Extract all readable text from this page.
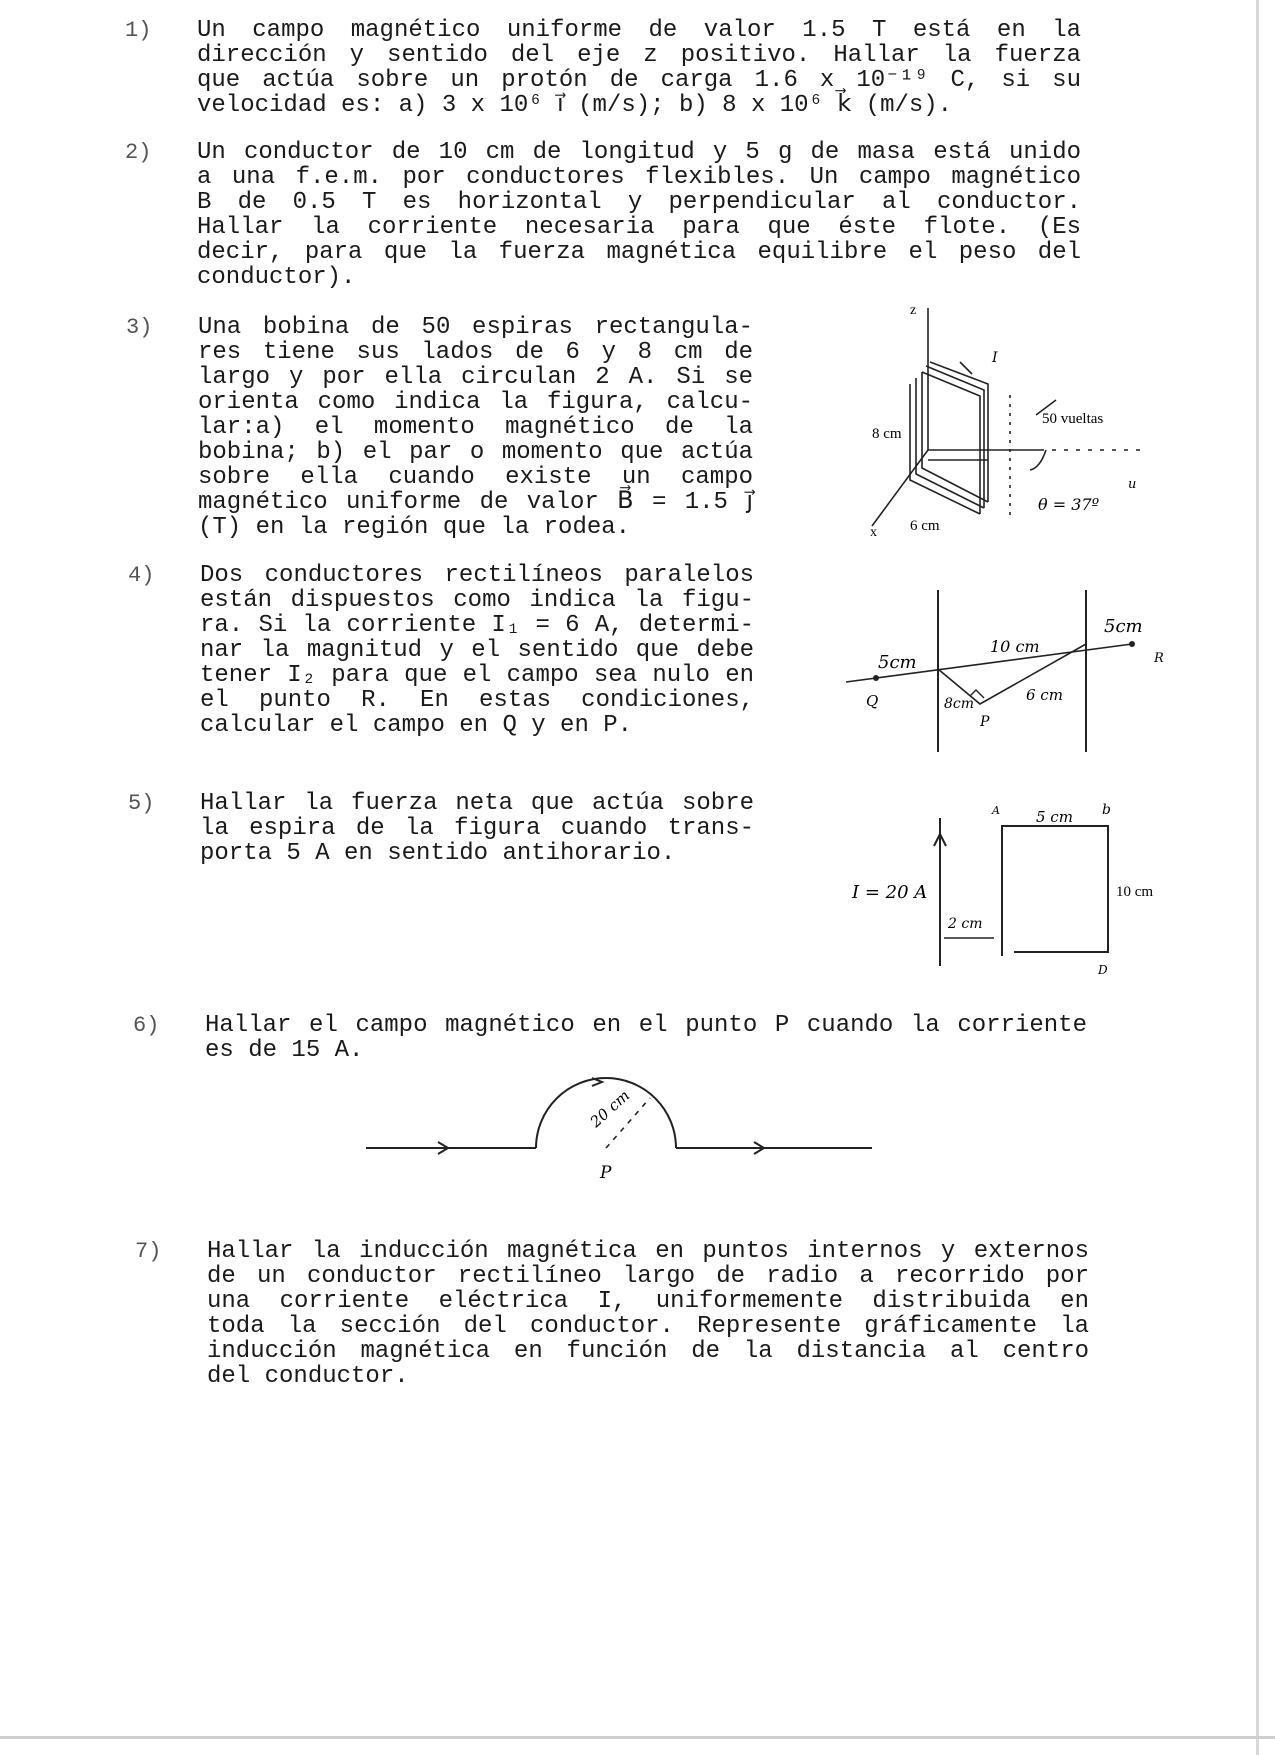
1) Un campo magnético uniforme de valor 1.5 T está en la
dirección y sentido del eje z positivo. Hallar la fuerza
que actúa sobre un protón de carga 1.6 x 10⁻¹⁹ C, si su
velocidad es: a) 3 x 10⁶ i⃗ (m/s); b) 8 x 10⁶ k⃗ (m/s).
2) Un conductor de 10 cm de longitud y 5 g de masa está unido
a una f.e.m. por conductores flexibles. Un campo magnético
B de 0.5 T es horizontal y perpendicular al conductor.
Hallar la corriente necesaria para que éste flote. (Es
decir, para que la fuerza magnética equilibre el peso del
conductor).
3) Una bobina de 50 espiras rectangula-
res tiene sus lados de 6 y 8 cm de
largo y por ella circulan 2 A. Si se
orienta como indica la figura, calcu-
lar:a) el momento magnético de la
bobina; b) el par o momento que actúa
sobre ella cuando existe un campo
magnético uniforme de valor B⃗ = 1.5 j⃗
(T) en la región que la rodea.
z
x
u
I
8 cm
6 cm
50 vueltas
θ = 37º
4) Dos conductores rectilíneos paralelos
están dispuestos como indica la figu-
ra. Si la corriente I₁ = 6 A, determi-
nar la magnitud y el sentido que debe
tener I₂ para que el campo sea nulo en
el punto R. En estas condiciones,
calcular el campo en Q y en P.
5cm
10 cm
5cm
8cm	6 cm
Q
P
R
5) Hallar la fuerza neta que actúa sobre
la espira de la figura cuando trans-
porta 5 A en sentido antihorario.
I = 20 A
5 cm
10 cm
2 cm
A	b
D
6) Hallar el campo magnético en el punto P cuando la corriente
es de 15 A.
20 cm
P
7) Hallar la inducción magnética en puntos internos y externos
de un conductor rectilíneo largo de radio a recorrido por
una corriente eléctrica I, uniformemente distribuida en
toda la sección del conductor. Represente gráficamente la
inducción magnética en función de la distancia al centro
del conductor.
